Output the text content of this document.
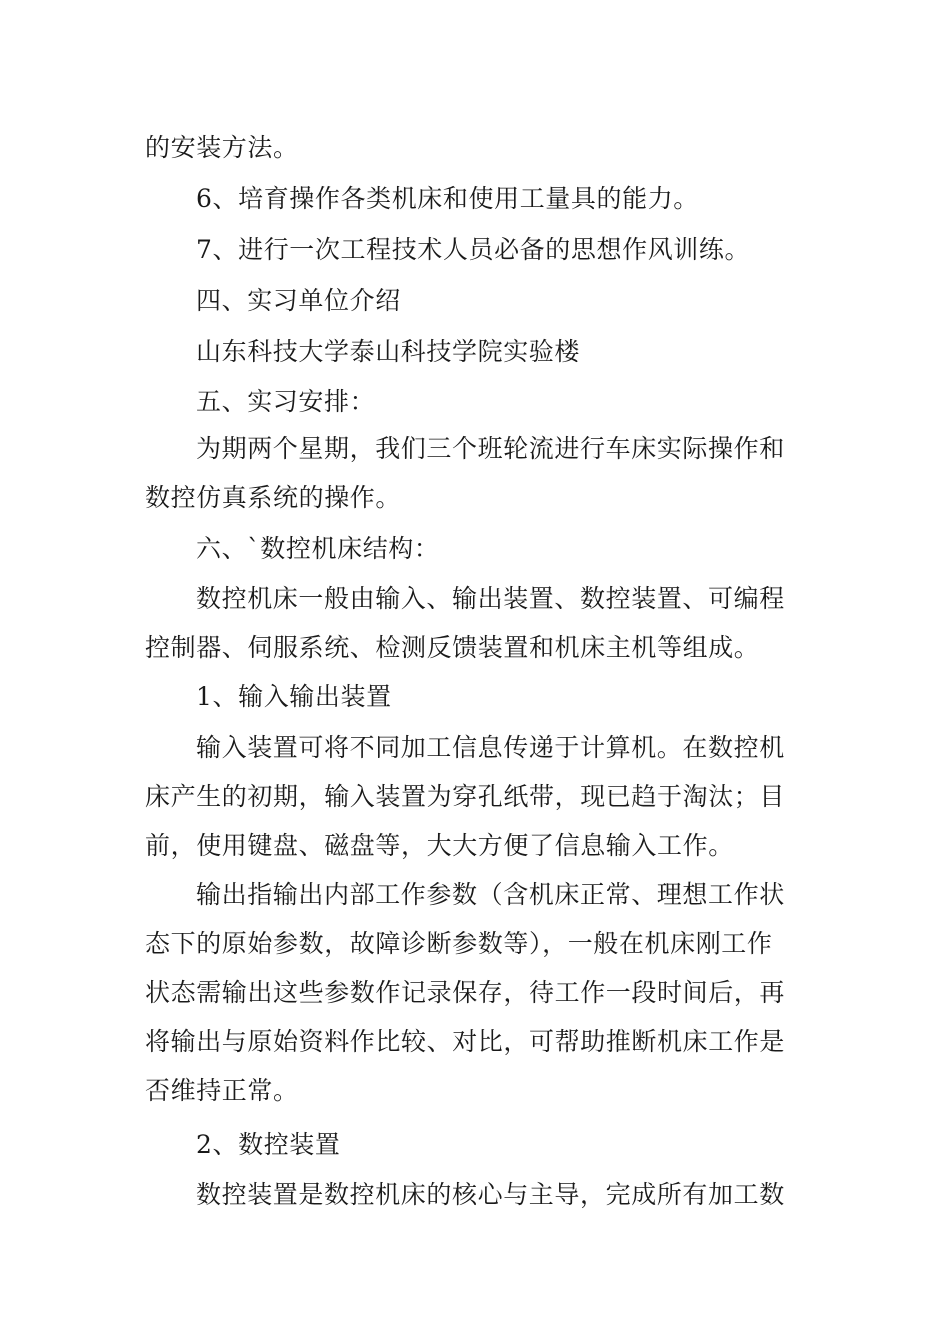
的安装方法。
6、培育操作各类机床和使用工量具的能力。
7、进行一次工程技术人员必备的思想作风训练。
四、实习单位介绍
山东科技大学泰山科技学院实验楼
五、实习安排：
为期两个星期，我们三个班轮流进行车床实际操作和
数控仿真系统的操作。
六、`数控机床结构：
数控机床一般由输入、输出装置、数控装置、可编程
控制器、伺服系统、检测反馈装置和机床主机等组成。
1、输入输出装置
输入装置可将不同加工信息传递于计算机。在数控机
床产生的初期，输入装置为穿孔纸带，现已趋于淘汰；目
前，使用键盘、磁盘等，大大方便了信息输入工作。
输出指输出内部工作参数（含机床正常、理想工作状
态下的原始参数，故障诊断参数等），一般在机床刚工作
状态需输出这些参数作记录保存，待工作一段时间后，再
将输出与原始资料作比较、对比，可帮助推断机床工作是
否维持正常。
2、数控装置
数控装置是数控机床的核心与主导，完成所有加工数
